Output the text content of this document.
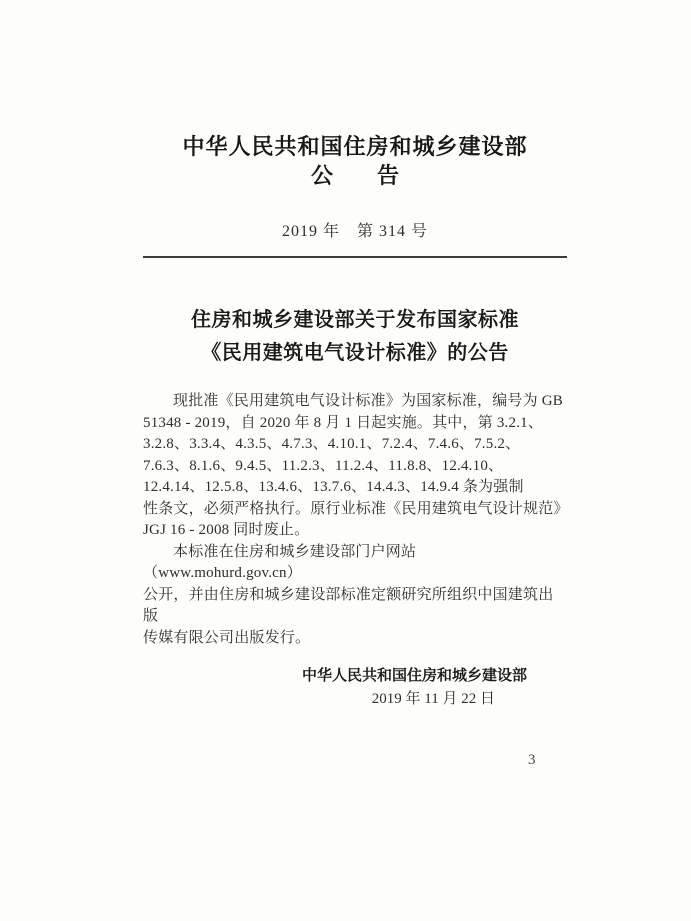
中华人民共和国住房和城乡建设部
公　　告
2019 年　第 314 号
住房和城乡建设部关于发布国家标准
《民用建筑电气设计标准》的公告
现批准《民用建筑电气设计标准》为国家标准，编号为 GB
51348 - 2019，自 2020 年 8 月 1 日起实施。其中，第 3.2.1、
3.2.8、3.3.4、4.3.5、4.7.3、4.10.1、7.2.4、7.4.6、7.5.2、
7.6.3、8.1.6、9.4.5、11.2.3、11.2.4、11.8.8、12.4.10、
12.4.14、12.5.8、13.4.6、13.7.6、14.4.3、14.9.4 条为强制
性条文，必须严格执行。原行业标准《民用建筑电气设计规范》
JGJ 16 - 2008 同时废止。
本标准在住房和城乡建设部门户网站（www.mohurd.gov.cn）
公开，并由住房和城乡建设部标准定额研究所组织中国建筑出版
传媒有限公司出版发行。
中华人民共和国住房和城乡建设部
2019 年 11 月 22 日
3
